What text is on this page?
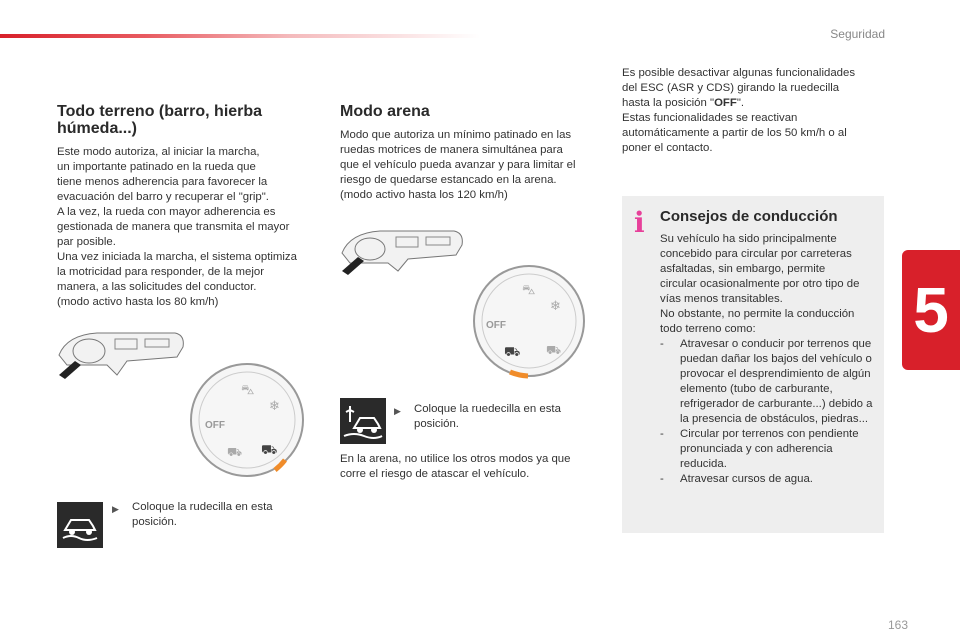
Seguridad
5
Todo terreno (barro, hierba húmeda...)
Este modo autoriza, al iniciar la marcha,
un importante patinado en la rueda que
tiene menos adherencia para favorecer la
evacuación del barro y recuperar el "grip".
A la vez, la rueda con mayor adherencia es
gestionada de manera que transmita el mayor
par posible.
Una vez iniciada la marcha, el sistema optimiza
la motricidad para responder, de la mejor
manera, a las solicitudes del conductor.
(modo activo hasta los 80 km/h)
OFF
⛍
❄
⛟ ⛟
▶	Coloque la rudecilla en esta posición.
Modo arena
Modo que autoriza un mínimo patinado en las
ruedas motrices de manera simultánea para
que el vehículo pueda avanzar y para limitar el
riesgo de quedarse estancado en la arena.
(modo activo hasta los 120 km/h)
OFF
⛍
❄
⛟ ⛟
▶	Coloque la ruedecilla en esta posición.
En la arena, no utilice los otros modos ya que
corre el riesgo de atascar el vehículo.
Es posible desactivar algunas funcionalidades
del ESC (ASR y CDS) girando la ruedecilla
hasta la posición "OFF".
Estas funcionalidades se reactivan
automáticamente a partir de los 50 km/h o al
poner el contacto.
i Consejos de conducción
Su vehículo ha sido principalmente
concebido para circular por carreteras
asfaltadas, sin embargo, permite
circular ocasionalmente por otro tipo de
vías menos transitables.
No obstante, no permite la conducción
todo terreno como:
-	Atravesar o conducir por terrenos que puedan dañar los bajos del vehículo o provocar el desprendimiento de algún elemento (tubo de carburante, refrigerador de carburante...) debido a la presencia de obstáculos, piedras...
-	Circular por terrenos con pendiente pronunciada y con adherencia reducida.
-	Atravesar cursos de agua.
163
